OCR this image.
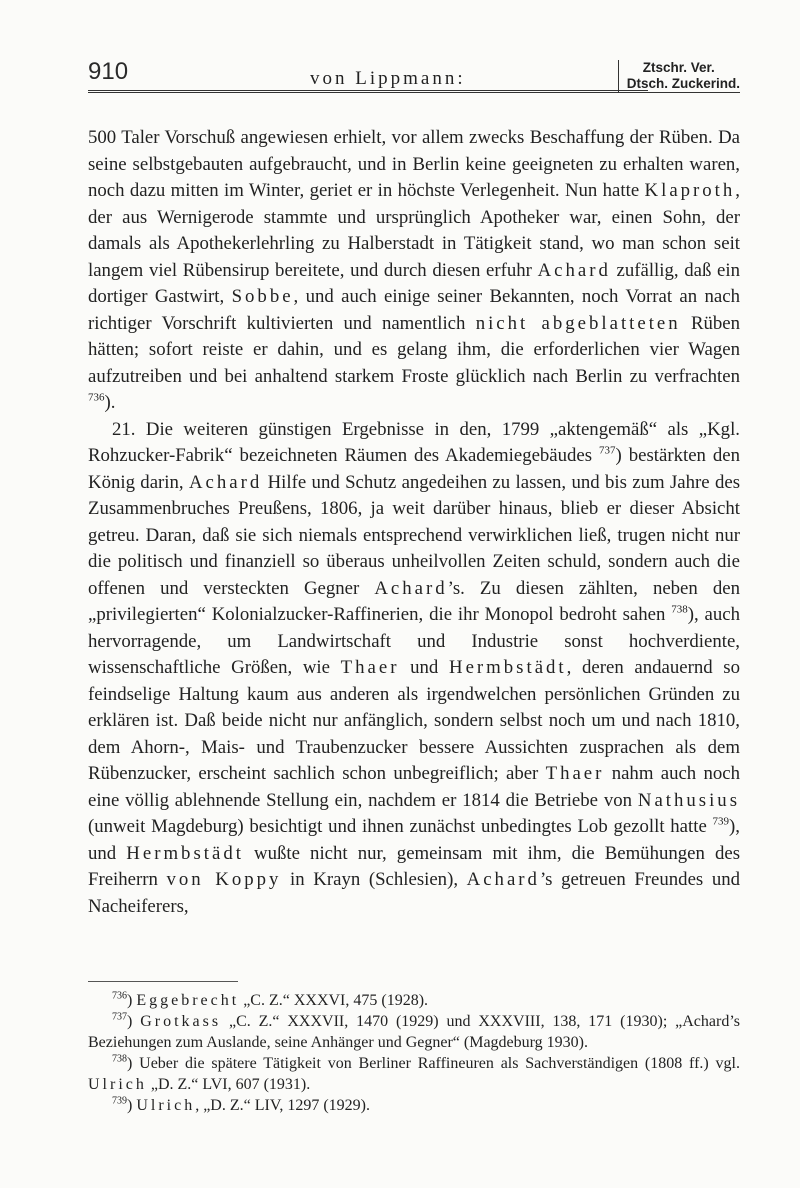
910	von Lippmann:
Ztschr. Ver.
Dtsch. Zuckerind.

500 Taler Vorschuß angewiesen erhielt, vor allem zwecks Beschaffung der Rüben. Da seine selbstgebauten aufgebraucht, und in Berlin keine geeigneten zu erhalten waren, noch dazu mitten im Winter, geriet er in höchste Verlegenheit. Nun hatte Klaproth, der aus Wernigerode stammte und ursprünglich Apotheker war, einen Sohn, der damals als Apothekerlehrling zu Halberstadt in Tätigkeit stand, wo man schon seit langem viel Rübensirup bereitete, und durch diesen erfuhr Achard zufällig, daß ein dortiger Gastwirt, Sobbe, und auch einige seiner Bekannten, noch Vorrat an nach richtiger Vorschrift kultivierten und namentlich nicht abgeblatteten Rüben hätten; sofort reiste er dahin, und es gelang ihm, die erforderlichen vier Wagen aufzutreiben und bei anhaltend starkem Froste glücklich nach Berlin zu verfrachten $^{736}$).

21. Die weiteren günstigen Ergebnisse in den, 1799 „aktengemäß“ als „Kgl. Rohzucker-Fabrik“ bezeichneten Räumen des Akademiegebäudes $^{737}$) bestärkten den König darin, Achard Hilfe und Schutz angedeihen zu lassen, und bis zum Jahre des Zusammenbruches Preußens, 1806, ja weit darüber hinaus, blieb er dieser Absicht getreu. Daran, daß sie sich niemals entsprechend verwirklichen ließ, trugen nicht nur die politisch und finanziell so überaus unheilvollen Zeiten schuld, sondern auch die offenen und versteckten Gegner Achard’s. Zu diesen zählten, neben den „privilegierten“ Kolonialzucker-Raffinerien, die ihr Monopol bedroht sahen $^{738}$), auch hervorragende, um Landwirtschaft und Industrie sonst hochverdiente, wissenschaftliche Größen, wie Thaer und Hermbstädt, deren andauernd so feindselige Haltung kaum aus anderen als irgendwelchen persönlichen Gründen zu erklären ist. Daß beide nicht nur anfänglich, sondern selbst noch um und nach 1810, dem Ahorn-, Mais- und Traubenzucker bessere Aussichten zusprachen als dem Rübenzucker, erscheint sachlich schon unbegreiflich; aber Thaer nahm auch noch eine völlig ablehnende Stellung ein, nachdem er 1814 die Betriebe von Nathusius (unweit Magdeburg) besichtigt und ihnen zunächst unbedingtes Lob gezollt hatte $^{739}$), und Hermbstädt wußte nicht nur, gemeinsam mit ihm, die Bemühungen des Freiherrn von Koppy in Krayn (Schlesien), Achard’s getreuen Freundes und Nacheiferers,

$^{736}$) Eggebrecht „C. Z.“ XXXVI, 475 (1928).

$^{737}$) Grotkass „C. Z.“ XXXVII, 1470 (1929) und XXXVIII, 138, 171 (1930); „Achard’s Beziehungen zum Auslande, seine Anhänger und Gegner“ (Magdeburg 1930).

$^{738}$) Ueber die spätere Tätigkeit von Berliner Raffineuren als Sachverständigen (1808 ff.) vgl. Ulrich „D. Z.“ LVI, 607 (1931).

$^{739}$) Ulrich, „D. Z.“ LIV, 1297 (1929).
